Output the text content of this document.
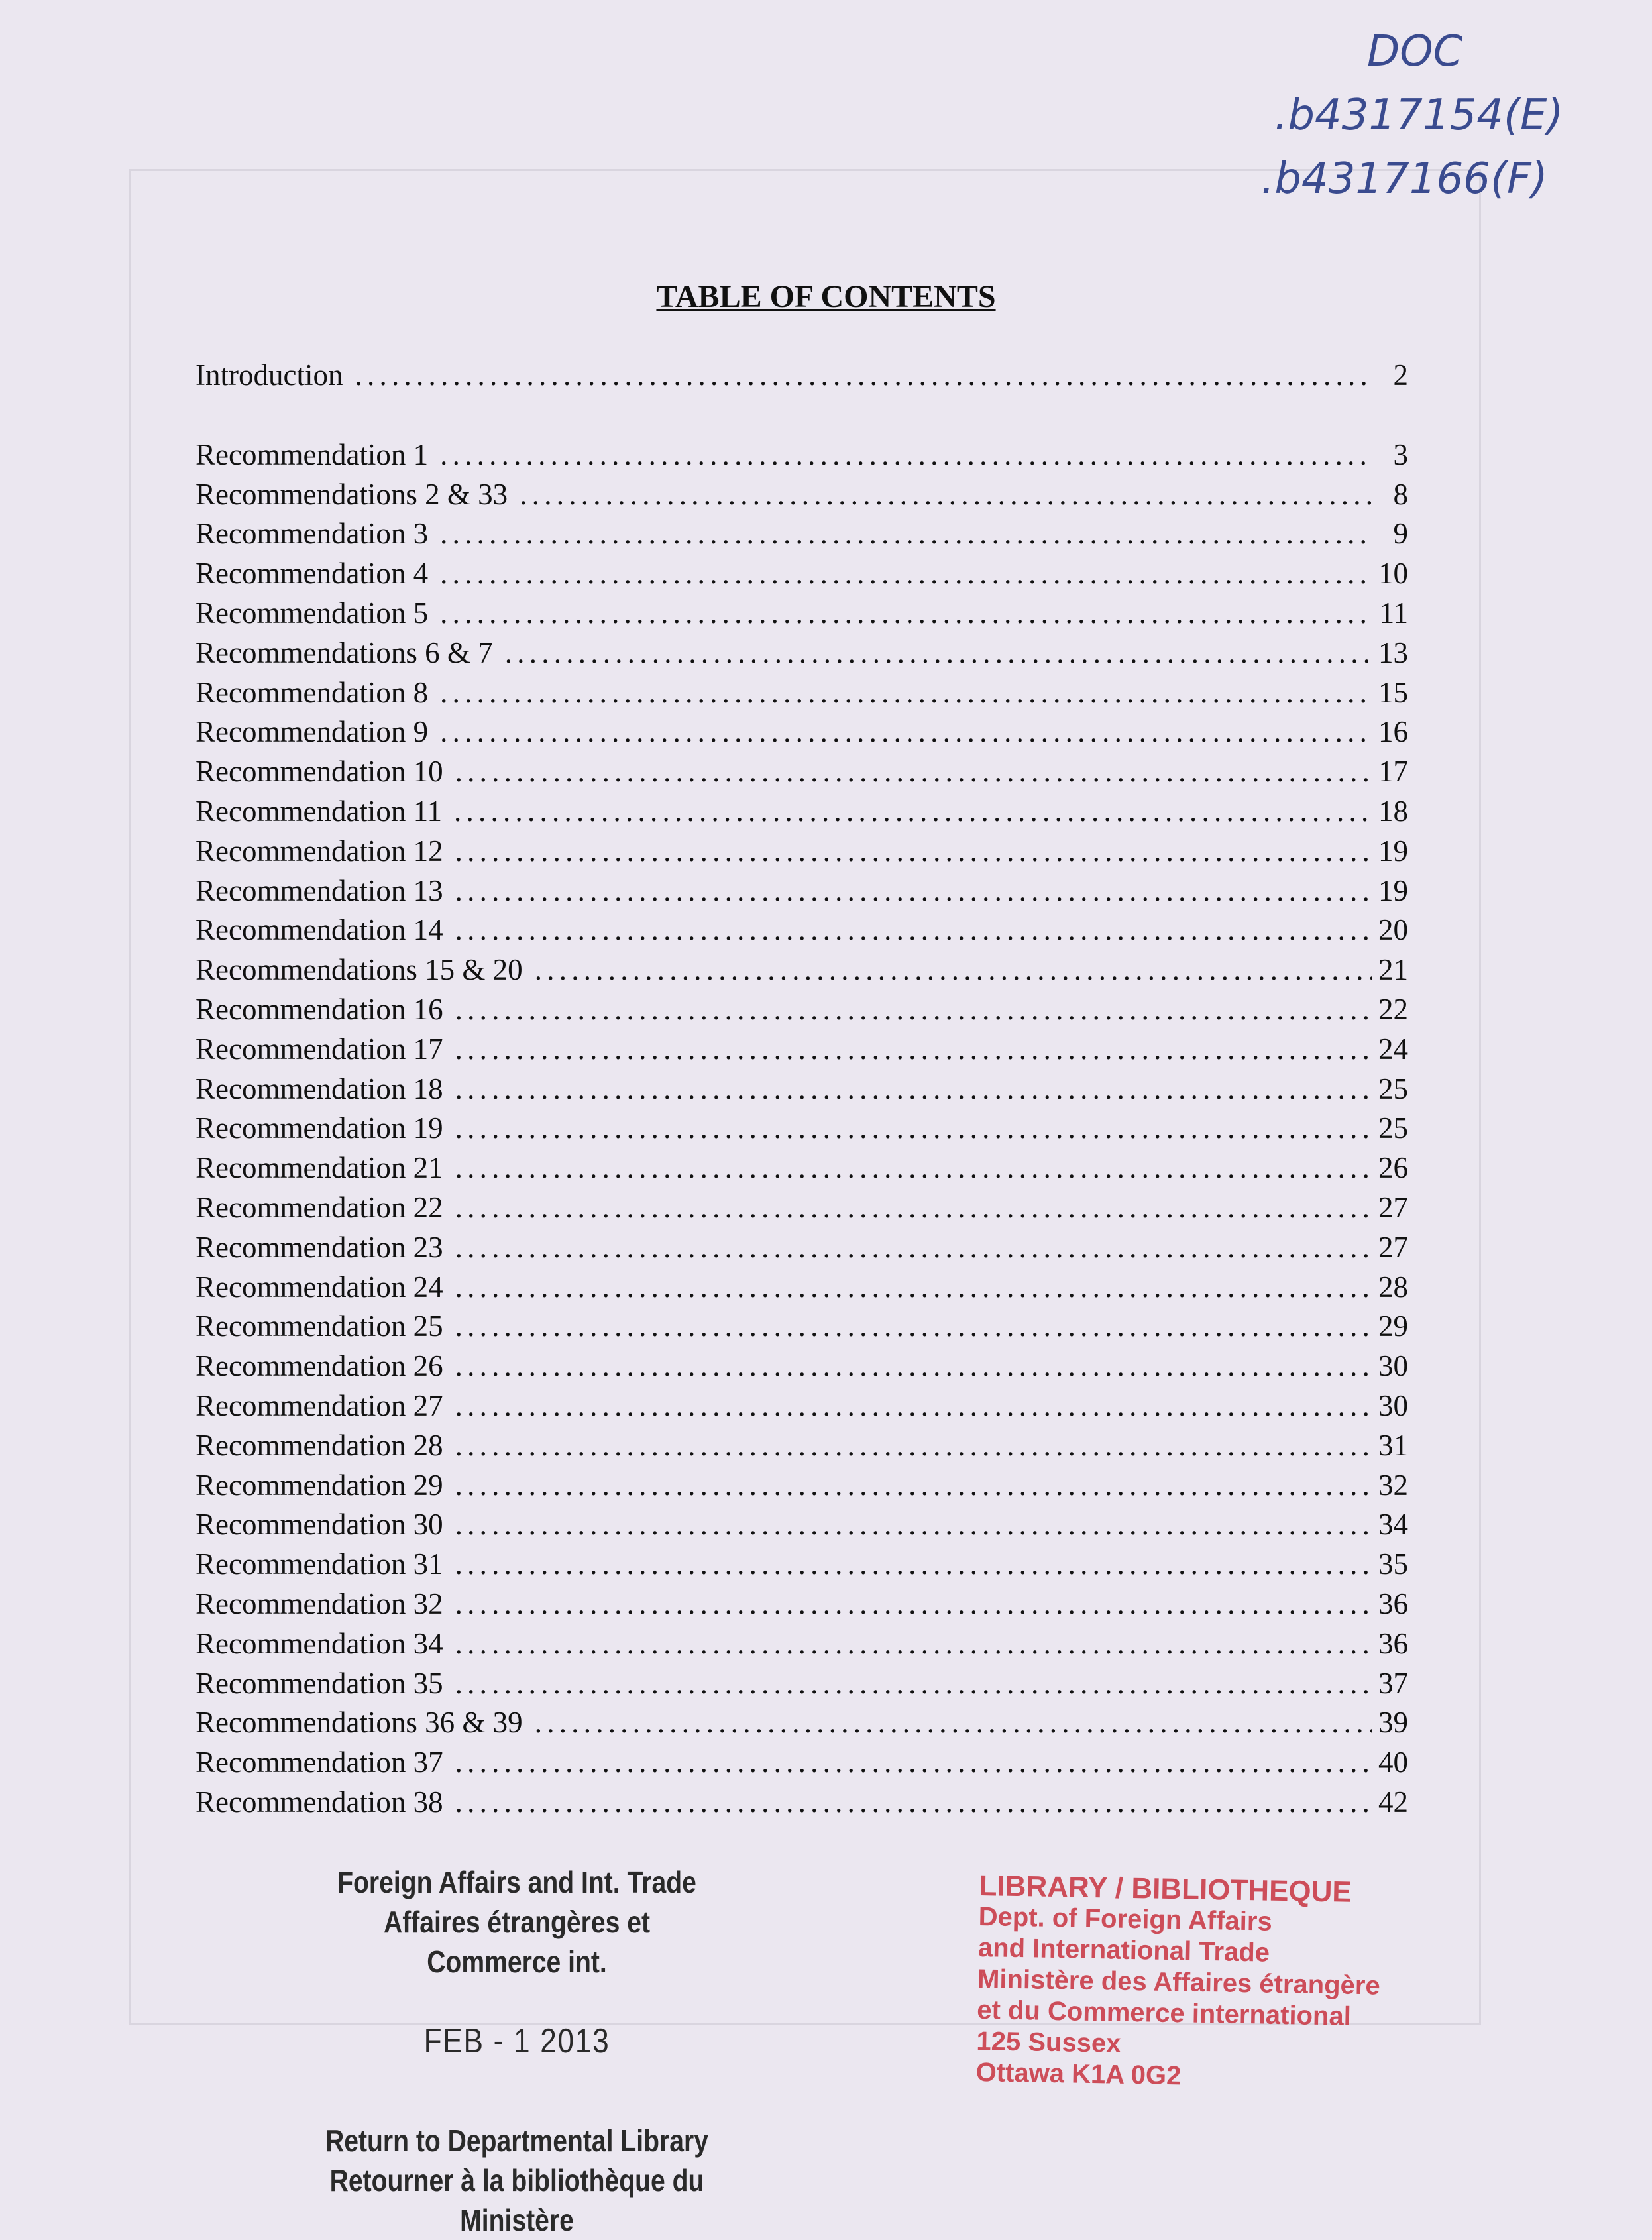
DOC
.b4317154(E)
.b4317166(F)
TABLE OF CONTENTS
Introduction . . .	2
Recommendation 1 . . .	3
Recommendations 2 & 33 . . .	8
Recommendation 3 . . .	9
Recommendation 4 . . .	10
Recommendation 5 . . .	11
Recommendations 6 & 7 . . .	13
Recommendation 8 . . .	15
Recommendation 9 . . .	16
Recommendation 10 . . .	17
Recommendation 11 . . .	18
Recommendation 12 . . .	19
Recommendation 13 . . .	19
Recommendation 14 . . .	20
Recommendations 15 & 20 . . .	21
Recommendation 16 . . .	22
Recommendation 17 . . .	24
Recommendation 18 . . .	25
Recommendation 19 . . .	25
Recommendation 21 . . .	26
Recommendation 22 . . .	27
Recommendation 23 . . .	27
Recommendation 24 . . .	28
Recommendation 25 . . .	29
Recommendation 26 . . .	30
Recommendation 27 . . .	30
Recommendation 28 . . .	31
Recommendation 29 . . .	32
Recommendation 30 . . .	34
Recommendation 31 . . .	35
Recommendation 32 . . .	36
Recommendation 34 . . .	36
Recommendation 35 . . .	37
Recommendations 36 & 39 . . .	39
Recommendation 37 . . .	40
Recommendation 38 . . .	42
Foreign Affairs and Int. Trade
Affaires étrangères et Commerce int.
FEB - 1 2013
Return to Departmental Library
Retourner à la bibliothèque du Ministère
LIBRARY / BIBLIOTHEQUE
Dept. of Foreign Affairs
and International Trade
Ministère des Affaires étrangère
et du Commerce international
125 Sussex
Ottawa K1A 0G2
